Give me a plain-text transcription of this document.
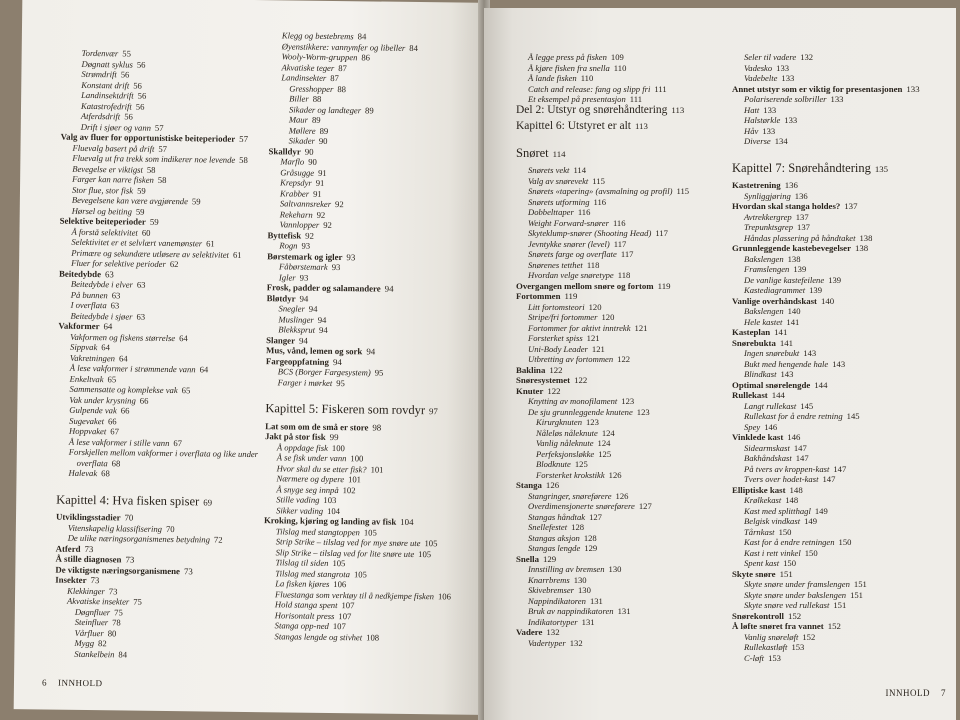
Tordenvær 55
Døgnatt syklus 56
Strømdrift 56
Konstant drift 56
Landinsektdrift 56
Katastrofedrift 56
Atferdsdrift 56
Drift i sjøer og vann 57
Valg av fluer for opportunistiske beiteperioder 57
Fluevalg basert på drift 57
Fluevalg ut fra trekk som indikerer noe levende 58
Bevegelse er viktigst 58
Farger kan narre fisken 58
Stor flue, stor fisk 59
Bevegelsene kan være avgjørende 59
Hørsel og beiting 59
Selektive beiteperioder 59
Å forstå selektivitet 60
Selektivitet er et selvlært vanemønster 61
Primære og sekundære utløsere av selektivitet 61
Fluer for selektive perioder 62
Beitedybde 63
Beitedybde i elver 63
På bunnen 63
I overflata 63
Beitedybde i sjøer 63
Vakformer 64
Vakformen og fiskens størrelse 64
Sippvak 64
Vakretningen 64
Å lese vakformer i strømmende vann 64
Enkeltvak 65
Sammensatte og komplekse vak 65
Vak under krysning 66
Gulpende vak 66
Sugevaket 66
Hoppvaket 67
Å lese vakformer i stille vann 67
Forskjellen mellom vakformer i overflata og like under
overflata 68
Halevak 68
Kapittel 4: Hva fisken spiser 69
Utviklingsstadier 70
Vitenskapelig klassifisering 70
De ulike næringsorganismenes betydning 72
Atferd 73
Å stille diagnosen 73
De viktigste næringsorganismene 73
Insekter 73
Klekkinger 73
Akvatiske insekter 75
Døgnfluer 75
Steinfluer 78
Vårfluer 80
Mygg 82
Stankelbein 84
Klegg og bestebrems 84
Øyenstikkere: vannymfer og libeller 84
Wooly-Worm-gruppen 86
Akvatiske teger 87
Landinsekter 87
Gresshopper 88
Biller 88
Sikader og landteger 89
Maur 89
Møllere 89
Sikader 90
Skalldyr 90
Marflo 90
Gråsugge 91
Krepsdyr 91
Krabber 91
Saltvannsreker 92
Rekeharn 92
Vannlopper 92
Byttefisk 92
Rogn 93
Børstemark og igler 93
Fåbørstemark 93
Igler 93
Frosk, padder og salamandere 94
Bløtdyr 94
Snegler 94
Muslinger 94
Blekksprut 94
Slanger 94
Mus, vånd, lemen og sork 94
Fargeoppfatning 94
BCS (Borger Fargesystem) 95
Farger i mørket 95
Kapittel 5: Fiskeren som rovdyr 97
Lat som om de små er store 98
Jakt på stor fisk 99
Å oppdage fisk 100
Å se fisk under vann 100
Hvor skal du se etter fisk? 101
Nærmere og dypere 101
Å snyge seg innpå 102
Stille vading 103
Sikker vading 104
Kroking, kjøring og landing av fisk 104
Tilslag med stangtoppen 105
Strip Strike – tilslag ved for mye snøre ute 105
Slip Strike – tilslag ved for lite snøre ute 105
Tilslag til siden 105
Tilslag med stangrota 105
La fisken kjøres 106
Fluestanga som verktøy til å nedkjempe fisken 106
Hold stanga spent 107
Horisontalt press 107
Stanga opp-ned 107
Stangas lengde og stivhet 108
6 INNHOLD
Å legge press på fisken 109
Å kjøre fisken fra snella 110
Å lande fisken 110
Catch and release: fang og slipp fri 111
Et eksempel på presentasjon 111
Del 2: Utstyr og snørehåndtering 113
Kapittel 6: Utstyret er alt 113
Snøret 114
Snørets vekt 114
Valg av snørevekt 115
Snørets «tapering» (avsmalning og profil) 115
Snørets utforming 116
Dobbelttaper 116
Weight Forward-snører 116
Skyteklump-snører (Shooting Head) 117
Jevntykke snører (level) 117
Snørets farge og overflate 117
Snørenes tetthet 118
Hvordan velge snøretype 118
Overgangen mellom snøre og fortom 119
Fortommen 119
Litt fortomsteori 120
Stripe/fri fortommer 120
Fortommer for aktivt inntrekk 121
Forsterket spiss 121
Uni-Body Leader 121
Utbretting av fortommen 122
Baklina 122
Snøresystemet 122
Knuter 122
Knytting av monofilament 123
De sju grunnleggende knutene 123
Kirurgknuten 123
Nåleløs nåleknute 124
Vanlig nåleknute 124
Perfeksjonsløkke 125
Blodknute 125
Forsterket krokstikk 126
Stanga 126
Stangringer, snøreførere 126
Overdimensjonerte snøreførere 127
Stangas håndtak 127
Snellefestet 128
Stangas aksjon 128
Stangas lengde 129
Snella 129
Innstilling av bremsen 130
Knarrbrems 130
Skivebremser 130
Nappindikatoren 131
Bruk av nappindikatoren 131
Indikatortyper 131
Vadere 132
Vadertyper 132
Seler til vadere 132
Vadesko 133
Vadebelte 133
Annet utstyr som er viktig for presentasjonen 133
Polariserende solbriller 133
Hatt 133
Halstørkle 133
Håv 133
Diverse 134
Kapittel 7: Snørehåndtering 135
Kastetrening 136
Synliggjøring 136
Hvordan skal stanga holdes? 137
Avtrekkergrep 137
Trepunktsgrep 137
Håndas plassering på håndtaket 138
Grunnleggende kastebevegelser 138
Bakslengen 138
Framslengen 139
De vanlige kastefeilene 139
Kastediagrammet 139
Vanlige overhåndskast 140
Bakslengen 140
Hele kastet 141
Kasteplan 141
Snørebukta 141
Ingen snørebukt 143
Bukt med hengende hale 143
Blindkast 143
Optimal snørelengde 144
Rullekast 144
Langt rullekast 145
Rullekast for å endre retning 145
Spey 146
Vinklede kast 146
Sidearmskast 147
Bakhåndskast 147
På tvers av kroppen-kast 147
Tvers over hodet-kast 147
Elliptiske kast 148
Krølkekast 148
Kast med splitthagl 149
Belgisk vindkast 149
Tårnkast 150
Kast for å endre retningen 150
Kast i rett vinkel 150
Spent kast 150
Skyte snøre 151
Skyte snøre under framslengen 151
Skyte snøre under bakslengen 151
Skyte snøre ved rullekast 151
Snørekontroll 152
Å løfte snøret fra vannet 152
Vanlig snøreløft 152
Rullekastløft 153
C-løft 153
INNHOLD 7
